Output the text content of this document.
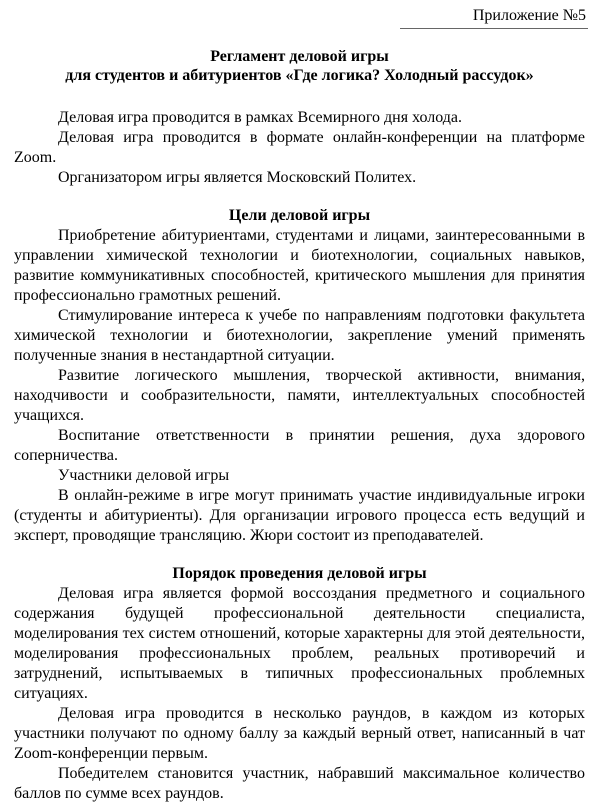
Приложение №5
Регламент деловой игры
для студентов и абитуриентов «Где логика? Холодный рассудок»

Деловая игра проводится в рамках Всемирного дня холода.

Деловая игра проводится в формате онлайн-конференции на платформе Zoom.

Организатором игры является Московский Политех.

Цели деловой игры

Приобретение абитуриентами, студентами и лицами, заинтересованными в управлении химической технологии и биотехнологии, социальных навыков, развитие коммуникативных способностей, критического мышления для принятия профессионально грамотных решений.

Стимулирование интереса к учебе по направлениям подготовки факультета химической технологии и биотехнологии, закрепление умений применять полученные знания в нестандартной ситуации.

Развитие логического мышления, творческой активности, внимания, находчивости и сообразительности, памяти, интеллектуальных способностей учащихся.

Воспитание ответственности в принятии решения, духа здорового соперничества.

Участники деловой игры

В онлайн-режиме в игре могут принимать участие индивидуальные игроки (студенты и абитуриенты). Для организации игрового процесса есть ведущий и эксперт, проводящие трансляцию. Жюри состоит из преподавателей.

Порядок проведения деловой игры

Деловая игра является формой воссоздания предметного и социального содержания будущей профессиональной деятельности специалиста, моделирования тех систем отношений, которые характерны для этой деятельности, моделирования профессиональных проблем, реальных противоречий и затруднений, испытываемых в типичных профессиональных проблемных ситуациях.

Деловая игра проводится в несколько раундов, в каждом из которых участники получают по одному баллу за каждый верный ответ, написанный в чат Zoom-конференции первым.

Победителем становится участник, набравший максимальное количество баллов по сумме всех раундов.
